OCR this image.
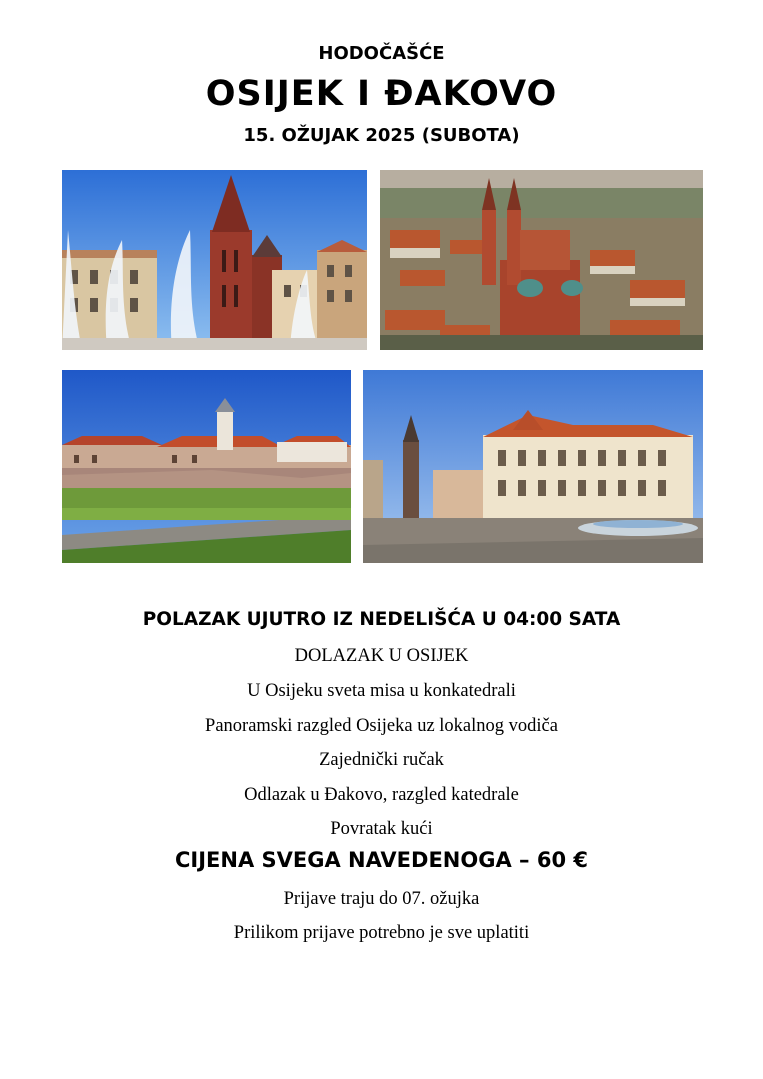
HODOČAŠĆE
OSIJEK I ĐAKOVO
15. OŽUJAK 2025 (SUBOTA)
POLAZAK UJUTRO IZ NEDELIŠĆA U 04:00 SATA
DOLAZAK U OSIJEK
U Osijeku sveta misa u konkatedrali
Panoramski razgled Osijeka uz lokalnog vodiča
Zajednički ručak
Odlazak u Đakovo, razgled katedrale
Povratak kući
CIJENA SVEGA NAVEDENOGA – 60 €
Prijave traju do 07. ožujka
Prilikom prijave potrebno je sve uplatiti
